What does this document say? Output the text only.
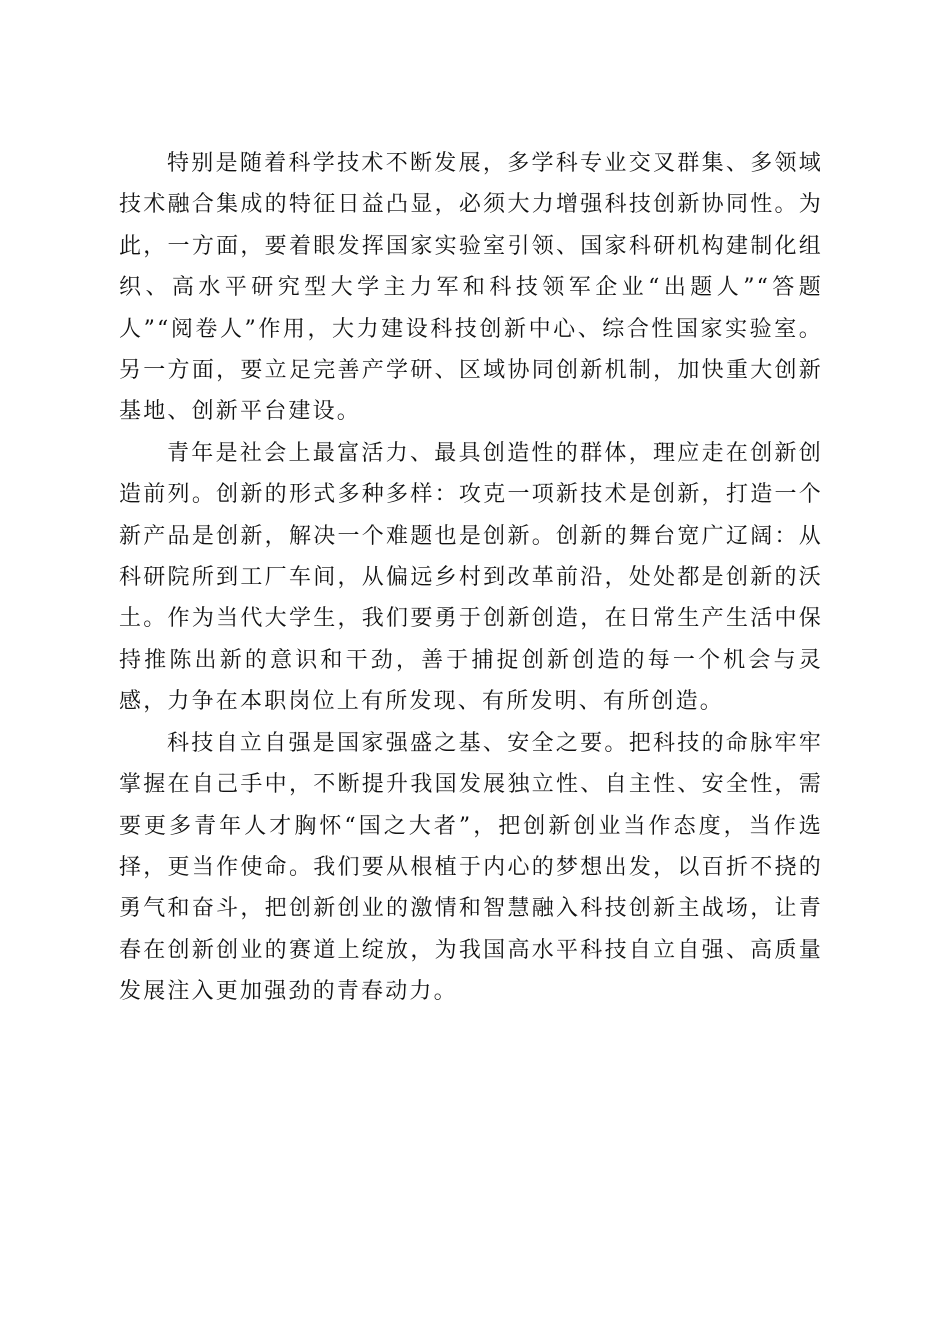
特别是随着科学技术不断发展，多学科专业交叉群集、多领域技术融合集成的特征日益凸显，必须大力增强科技创新协同性。为此，一方面，要着眼发挥国家实验室引领、国家科研机构建制化组织、高水平研究型大学主力军和科技领军企业“出题人”“答题人”“阅卷人”作用，大力建设科技创新中心、综合性国家实验室。另一方面，要立足完善产学研、区域协同创新机制，加快重大创新基地、创新平台建设。

青年是社会上最富活力、最具创造性的群体，理应走在创新创造前列。创新的形式多种多样：攻克一项新技术是创新，打造一个新产品是创新，解决一个难题也是创新。创新的舞台宽广辽阔：从科研院所到工厂车间，从偏远乡村到改革前沿，处处都是创新的沃土。作为当代大学生，我们要勇于创新创造，在日常生产生活中保持推陈出新的意识和干劲，善于捕捉创新创造的每一个机会与灵感，力争在本职岗位上有所发现、有所发明、有所创造。

科技自立自强是国家强盛之基、安全之要。把科技的命脉牢牢掌握在自己手中，不断提升我国发展独立性、自主性、安全性，需要更多青年人才胸怀“国之大者”，把创新创业当作态度，当作选择，更当作使命。我们要从根植于内心的梦想出发，以百折不挠的勇气和奋斗，把创新创业的激情和智慧融入科技创新主战场，让青春在创新创业的赛道上绽放，为我国高水平科技自立自强、高质量发展注入更加强劲的青春动力。
